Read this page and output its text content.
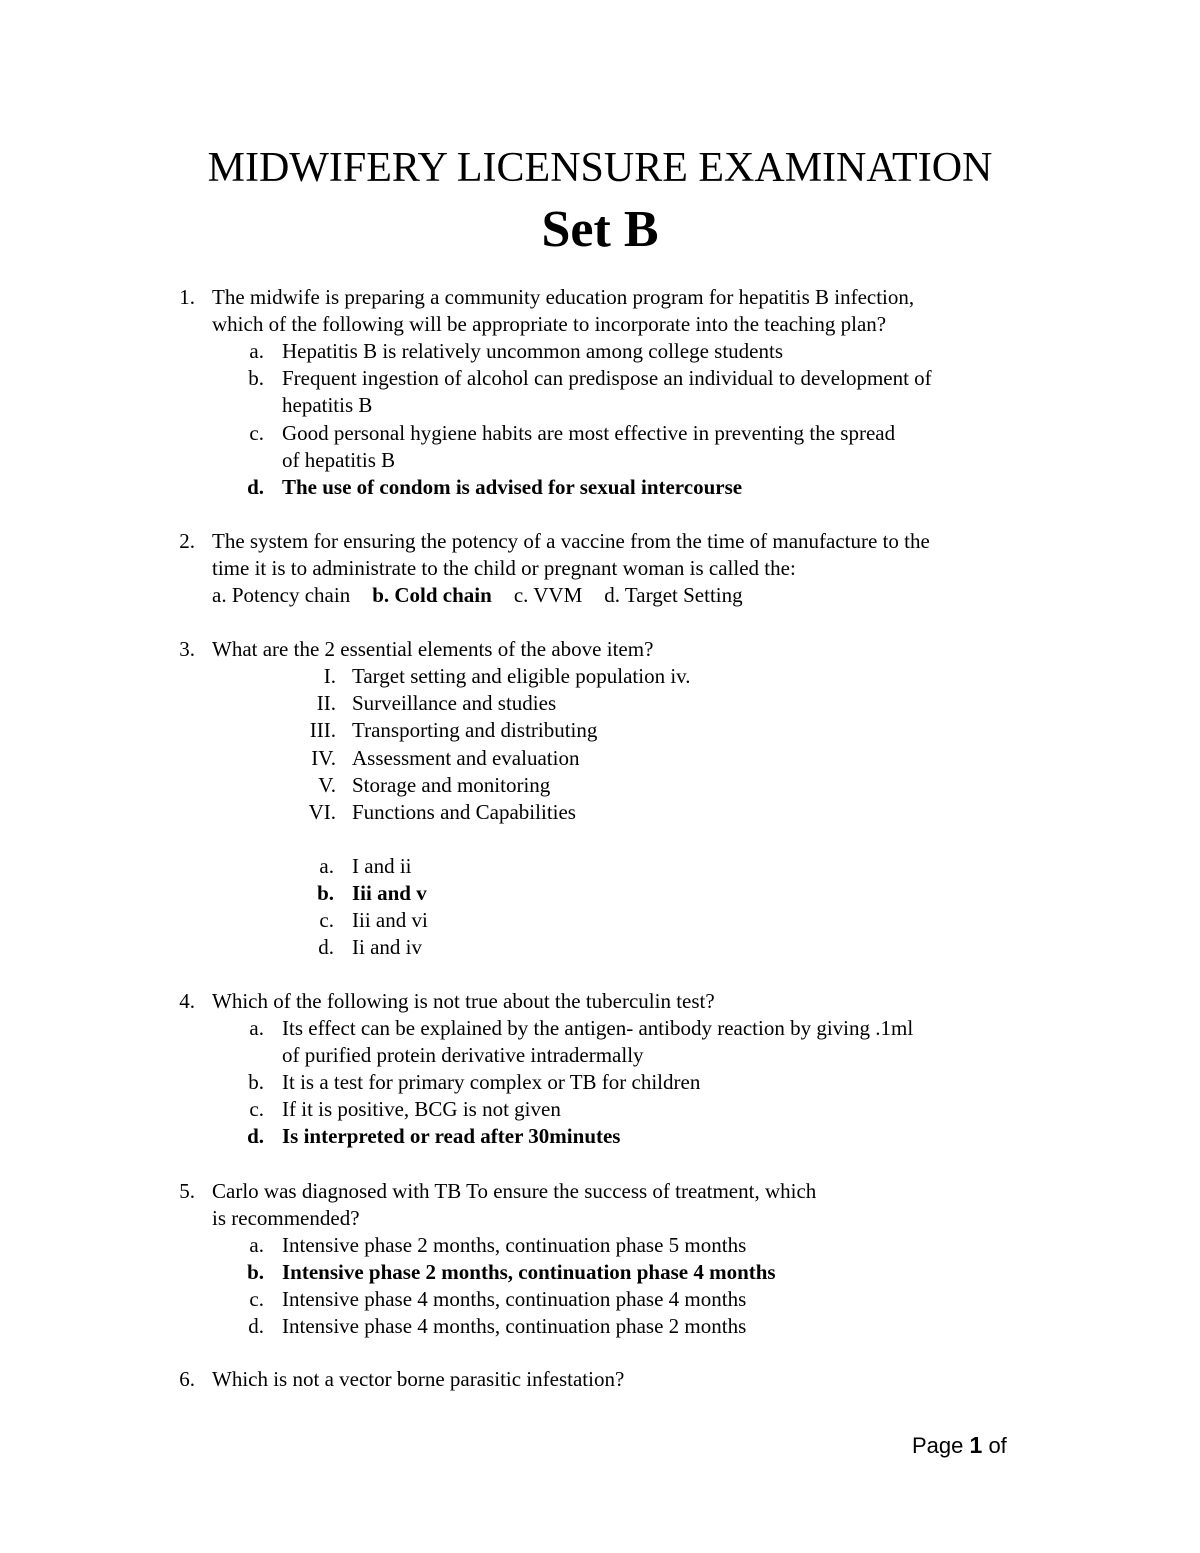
MIDWIFERY LICENSURE EXAMINATION
Set B
1. The midwife is preparing a community education program for hepatitis B infection,
which of the following will be appropriate to incorporate into the teaching plan?
a. Hepatitis B is relatively uncommon among college students
b. Frequent ingestion of alcohol can predispose an individual to development of
hepatitis B
c. Good personal hygiene habits are most effective in preventing the spread
of hepatitis B
d. The use of condom is advised for sexual intercourse
2. The system for ensuring the potency of a vaccine from the time of manufacture to the
time it is to administrate to the child or pregnant woman is called the:
a. Potency chain b. Cold chain c. VVM d. Target Setting
3. What are the 2 essential elements of the above item?
I. Target setting and eligible population iv.
II. Surveillance and studies
III. Transporting and distributing
IV. Assessment and evaluation
V. Storage and monitoring
VI. Functions and Capabilities
a. I and ii
b. Iii and v
c. Iii and vi
d. Ii and iv
4. Which of the following is not true about the tuberculin test?
a. Its effect can be explained by the antigen- antibody reaction by giving .1ml
of purified protein derivative intradermally
b. It is a test for primary complex or TB for children
c. If it is positive, BCG is not given
d. Is interpreted or read after 30minutes
5. Carlo was diagnosed with TB To ensure the success of treatment, which
is recommended?
a. Intensive phase 2 months, continuation phase 5 months
b. Intensive phase 2 months, continuation phase 4 months
c. Intensive phase 4 months, continuation phase 4 months
d. Intensive phase 4 months, continuation phase 2 months
6. Which is not a vector borne parasitic infestation?
Page 1 of
